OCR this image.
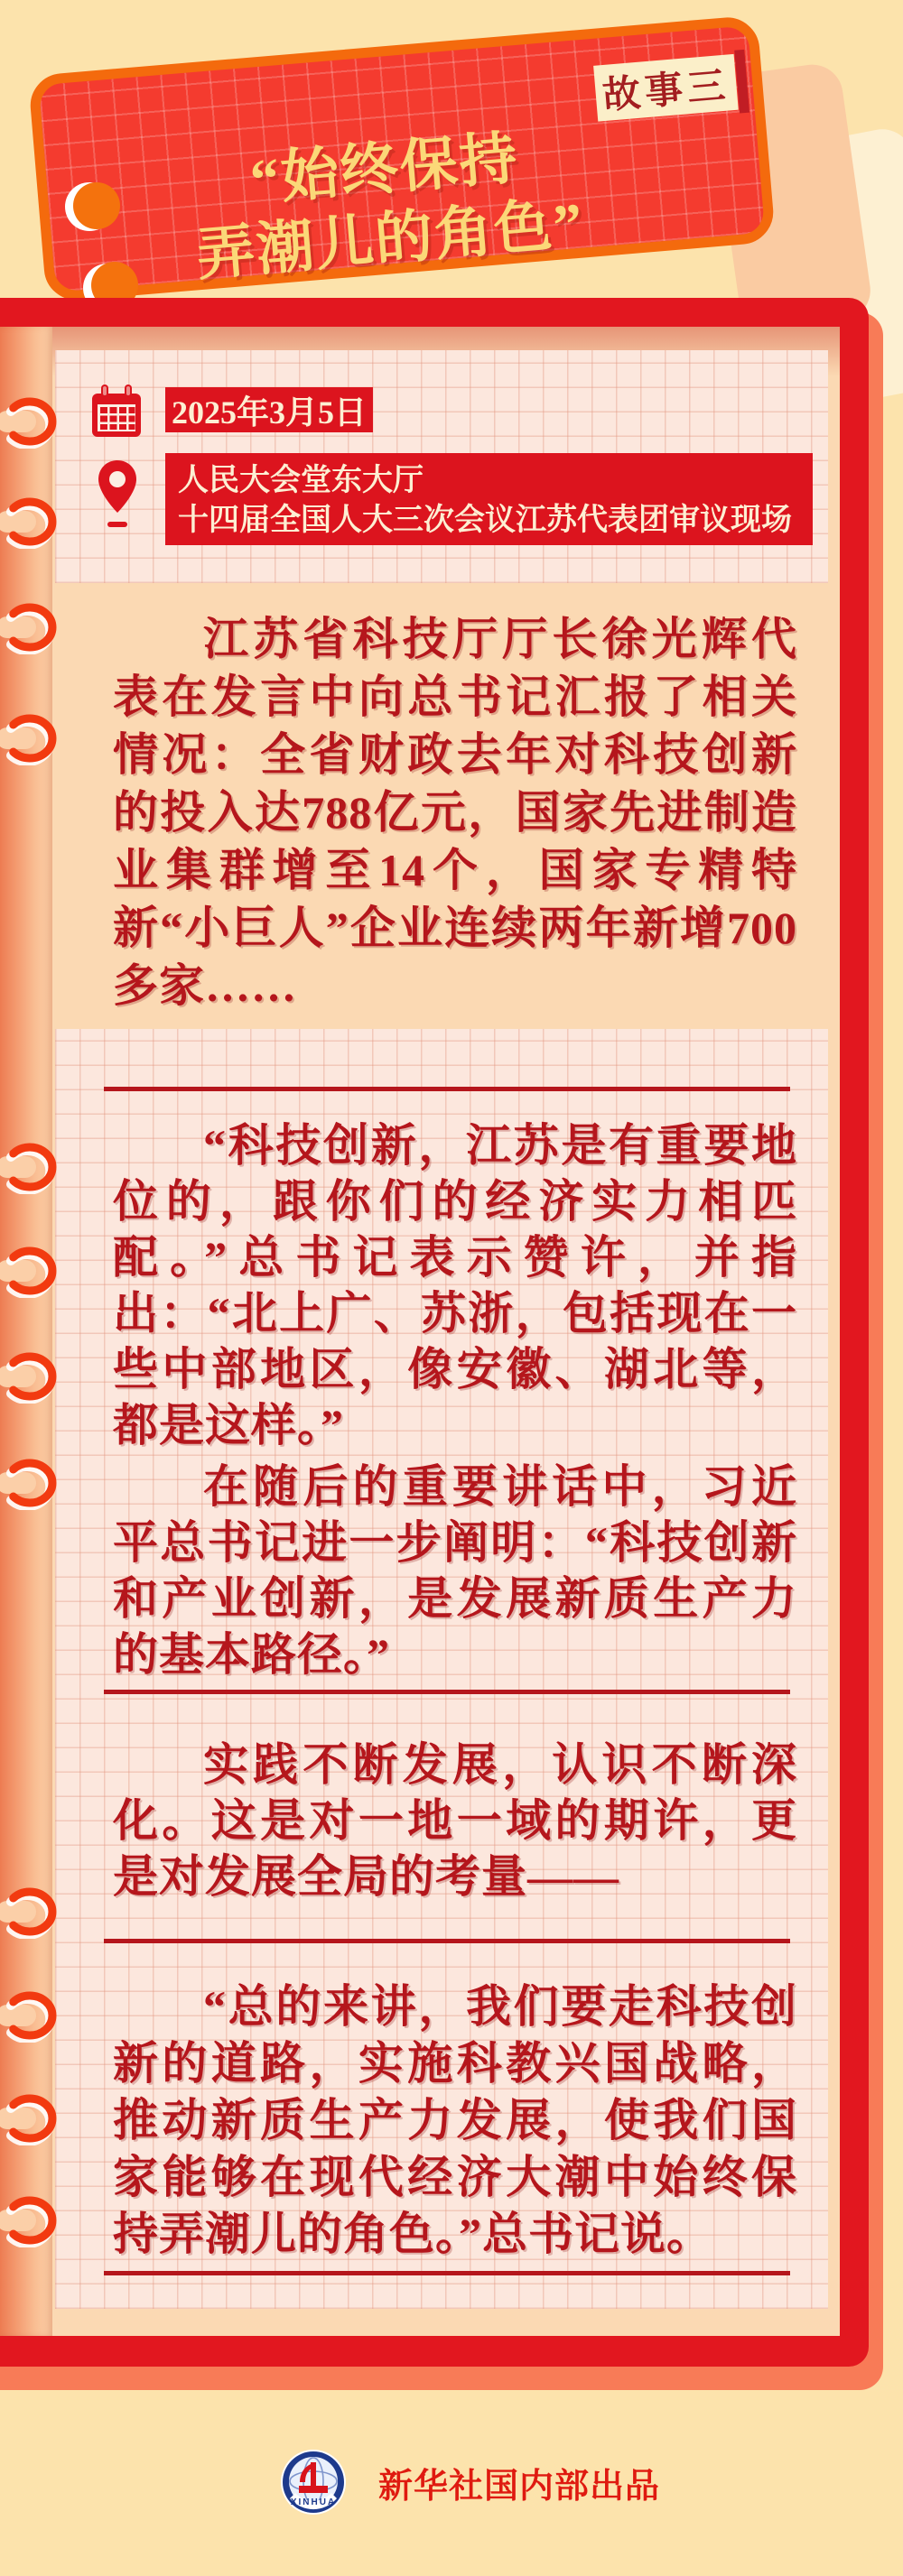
故事三
“始终保持
弄潮儿的角色”
2025年3月5日
人民大会堂东大厅
十四届全国人大三次会议江苏代表团审议现场
江苏省科技厅厅长徐光辉代表在发言中向总书记汇报了相关情况：全省财政去年对科技创新的投入达788亿元，国家先进制造业集群增至14个，国家专精特新“小巨人”企业连续两年新增700多家……
“科技创新，江苏是有重要地位的，跟你们的经济实力相匹配。”总书记表示赞许，并指出：“北上广、苏浙，包括现在一些中部地区，像安徽、湖北等，都是这样。”
在随后的重要讲话中，习近平总书记进一步阐明：“科技创新和产业创新，是发展新质生产力的基本路径。”
实践不断发展，认识不断深化。这是对一地一域的期许，更是对发展全局的考量——
“总的来讲，我们要走科技创新的道路，实施科教兴国战略，推动新质生产力发展，使我们国家能够在现代经济大潮中始终保持弄潮儿的角色。”总书记说。
XINHUA 新华社国内部出品
